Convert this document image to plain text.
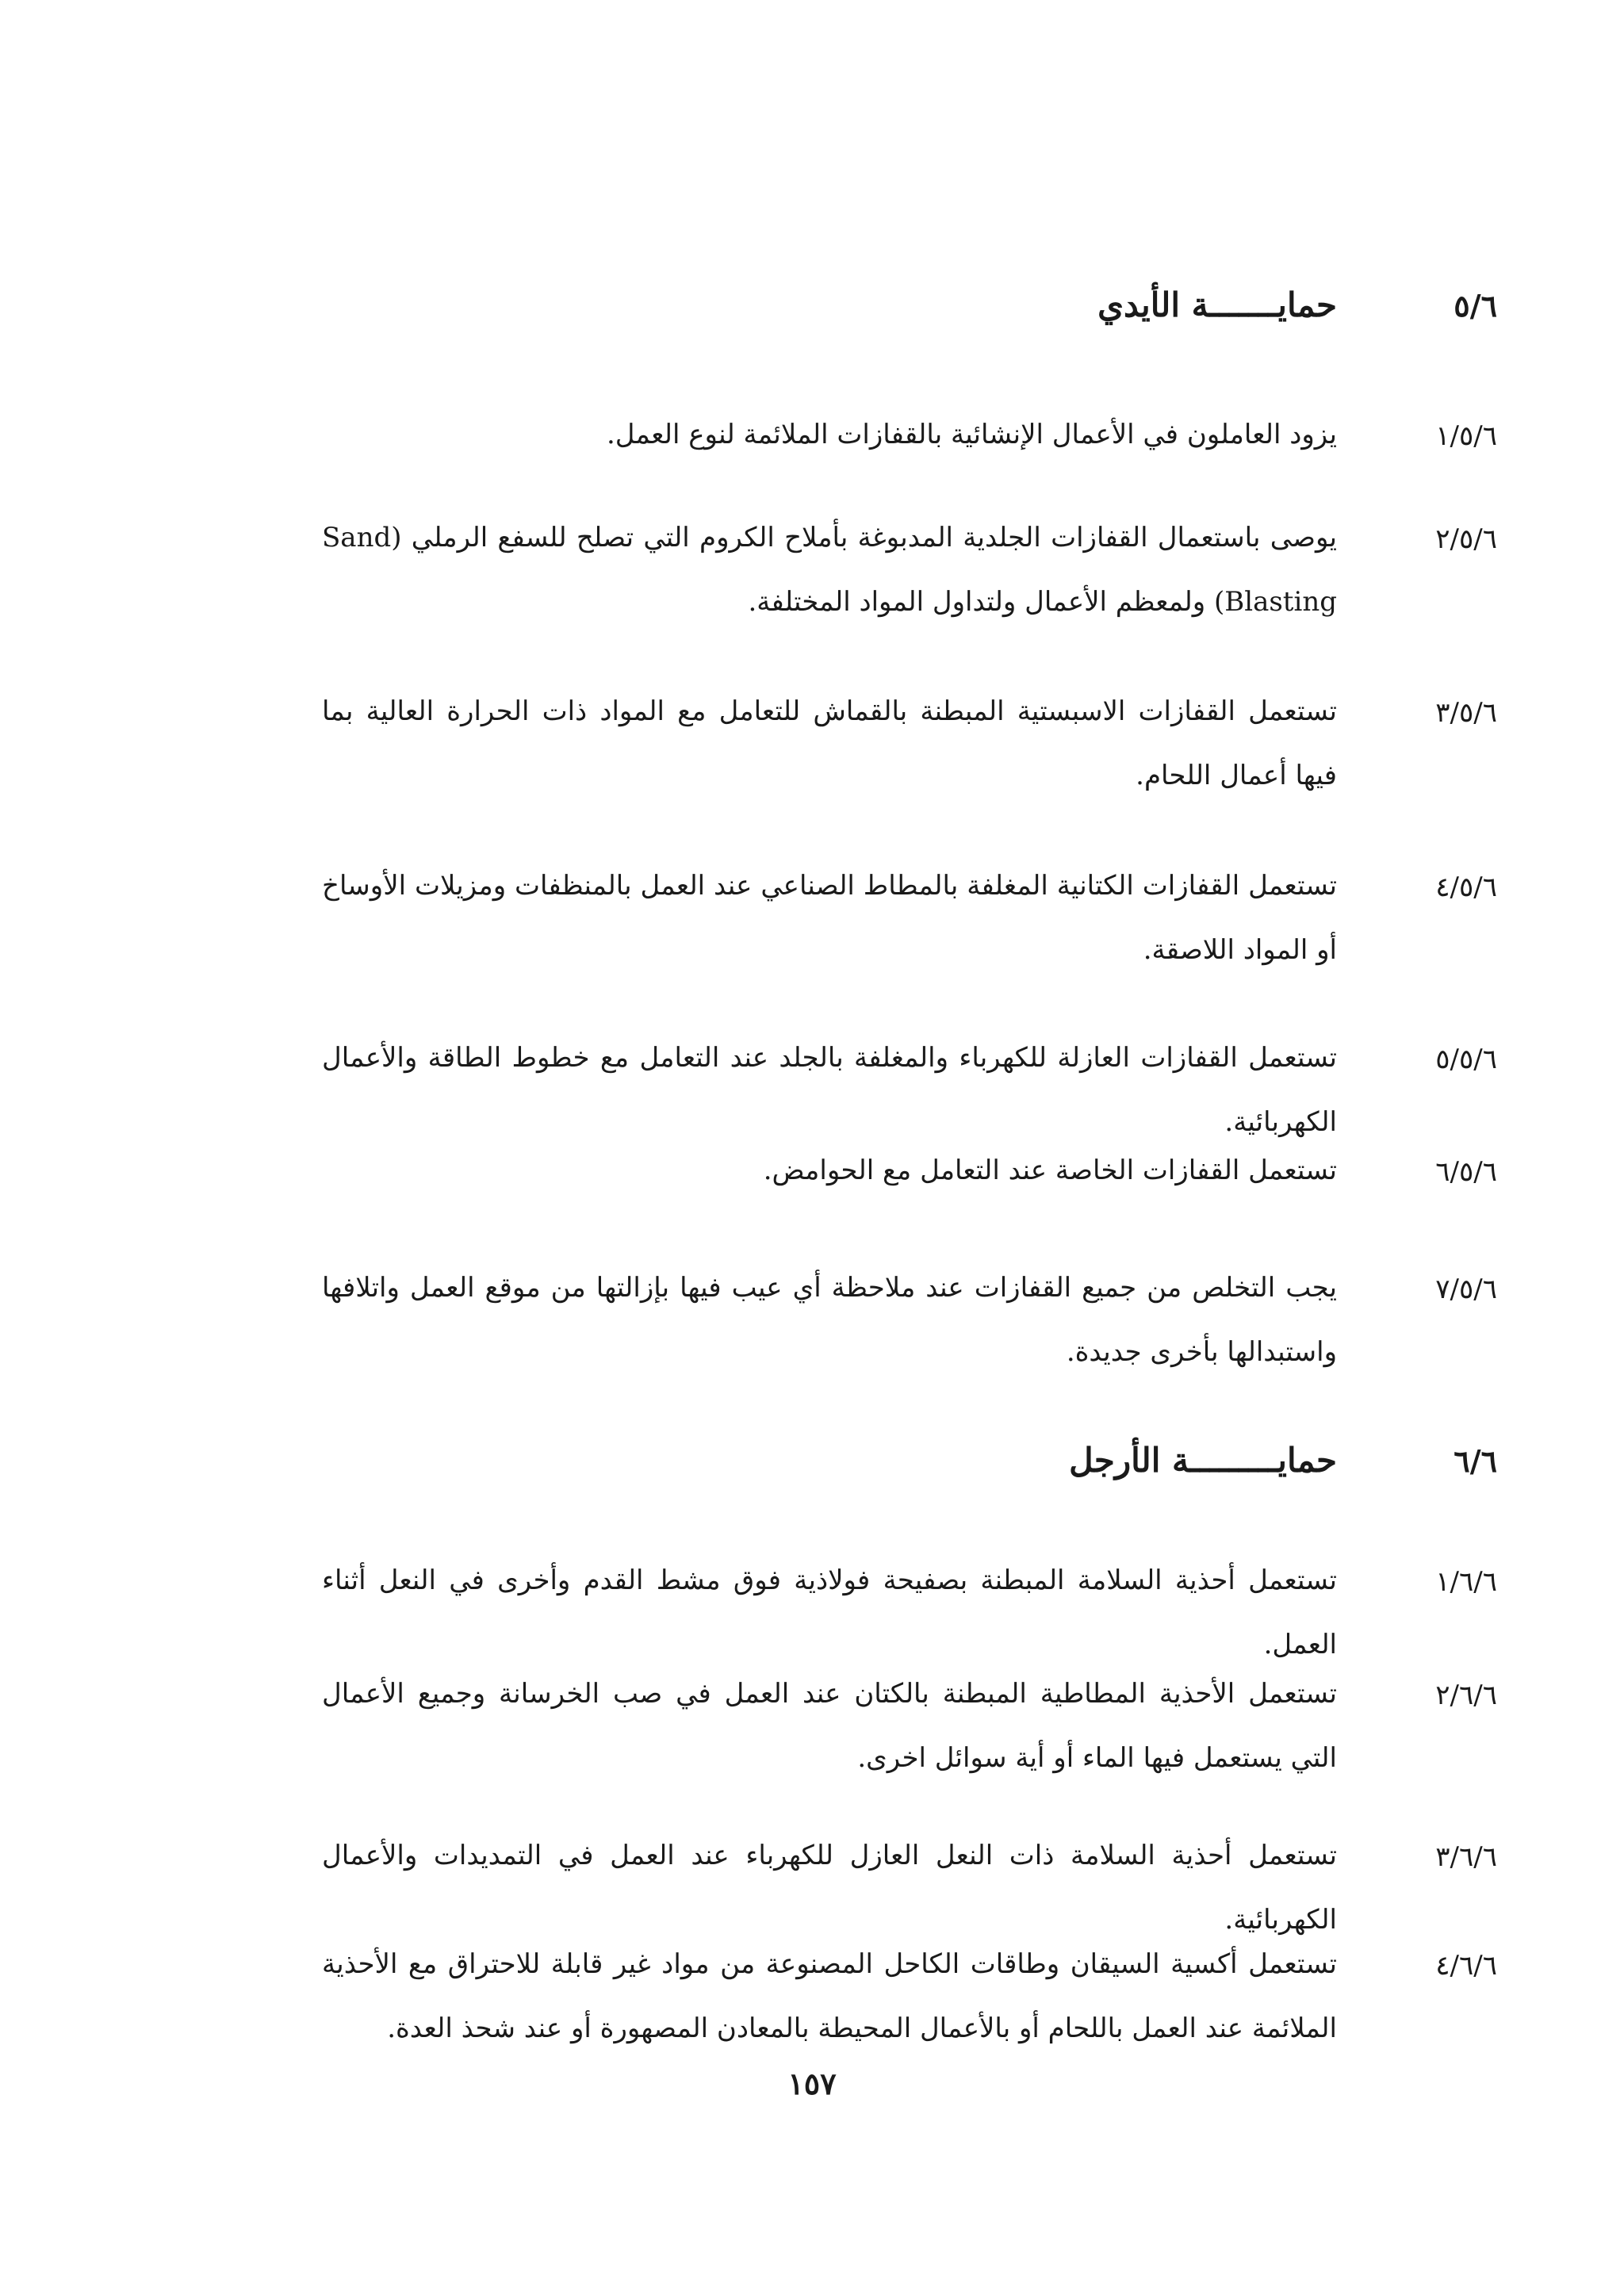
٥/٦
حمايـــــــة الأيدي
١/٥/٦
يزود العاملون في الأعمال الإنشائية بالقفازات الملائمة لنوع العمل.
٢/٥/٦
يوصى باستعمال القفازات الجلدية المدبوغة بأملاح الكروم التي تصلح للسفع الرملي (Sand Blasting) ولمعظم الأعمال ولتداول المواد المختلفة.
٣/٥/٦
تستعمل القفازات الاسبستية المبطنة بالقماش للتعامل مع المواد ذات الحرارة العالية بما فيها أعمال اللحام.
٤/٥/٦
تستعمل القفازات الكتانية المغلفة بالمطاط الصناعي عند العمل بالمنظفات ومزيلات الأوساخ أو المواد اللاصقة.
٥/٥/٦
تستعمل القفازات العازلة للكهرباء والمغلفة بالجلد عند التعامل مع خطوط الطاقة والأعمال الكهربائية.
٦/٥/٦
تستعمل القفازات الخاصة عند التعامل مع الحوامض.
٧/٥/٦
يجب التخلص من جميع القفازات عند ملاحظة أي عيب فيها بإزالتها من موقع العمل واتلافها واستبدالها بأخرى جديدة.
٦/٦
حمايـــــــــة الأرجل
١/٦/٦
تستعمل أحذية السلامة المبطنة بصفيحة فولاذية فوق مشط القدم وأخرى في النعل أثناء العمل.
٢/٦/٦
تستعمل الأحذية المطاطية المبطنة بالكتان عند العمل في صب الخرسانة وجميع الأعمال التي يستعمل فيها الماء أو أية سوائل اخرى.
٣/٦/٦
تستعمل أحذية السلامة ذات النعل العازل للكهرباء عند العمل في التمديدات والأعمال الكهربائية.
٤/٦/٦
تستعمل أكسية السيقان وطاقات الكاحل المصنوعة من مواد غير قابلة للاحتراق مع الأحذية الملائمة عند العمل باللحام أو بالأعمال المحيطة بالمعادن المصهورة أو عند شحذ العدة.
١٥٧
